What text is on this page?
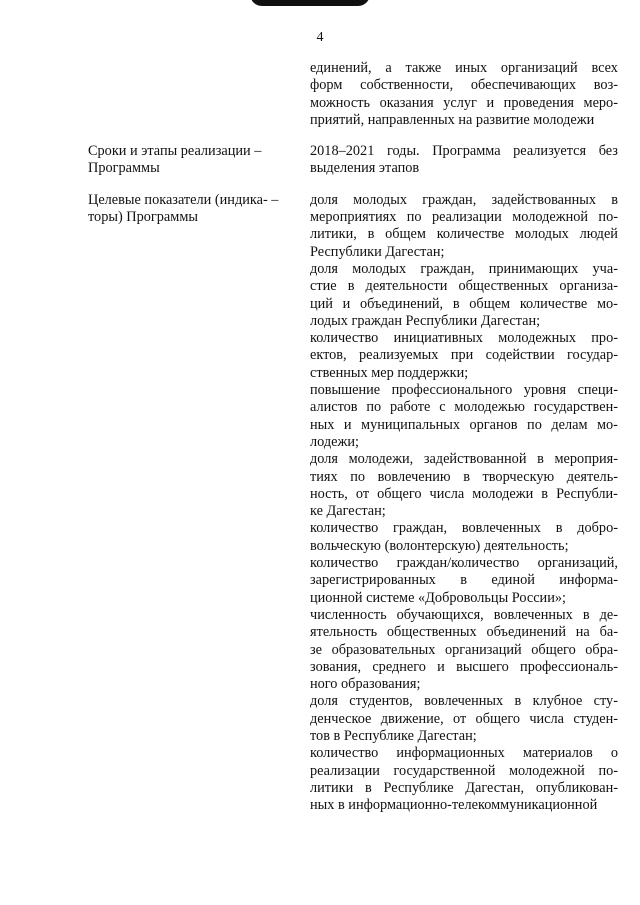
4
единений, а также иных организаций всех
форм собственности, обеспечивающих воз-
можность оказания услуг и проведения меро-
приятий, направленных на развитие молодежи
Сроки и этапы реализации –
Программы
2018–2021 годы. Программа реализуется без
выделения этапов
Целевые показатели (индика- –
торы) Программы
доля молодых граждан, задействованных в
мероприятиях по реализации молодежной по-
литики, в общем количестве молодых людей
Республики Дагестан;
доля молодых граждан, принимающих уча-
стие в деятельности общественных организа-
ций и объединений, в общем количестве мо-
лодых граждан Республики Дагестан;
количество инициативных молодежных про-
ектов, реализуемых при содействии государ-
ственных мер поддержки;
повышение профессионального уровня специ-
алистов по работе с молодежью государствен-
ных и муниципальных органов по делам мо-
лодежи;
доля молодежи, задействованной в мероприя-
тиях по вовлечению в творческую деятель-
ность, от общего числа молодежи в Республи-
ке Дагестан;
количество граждан, вовлеченных в добро-
вольческую (волонтерскую) деятельность;
количество граждан/количество организаций,
зарегистрированных в единой информа-
ционной системе «Добровольцы России»;
численность обучающихся, вовлеченных в де-
ятельность общественных объединений на ба-
зе образовательных организаций общего обра-
зования, среднего и высшего профессиональ-
ного образования;
доля студентов, вовлеченных в клубное сту-
денческое движение, от общего числа студен-
тов в Республике Дагестан;
количество информационных материалов о
реализации государственной молодежной по-
литики в Республике Дагестан, опубликован-
ных в информационно-телекоммуникационной
